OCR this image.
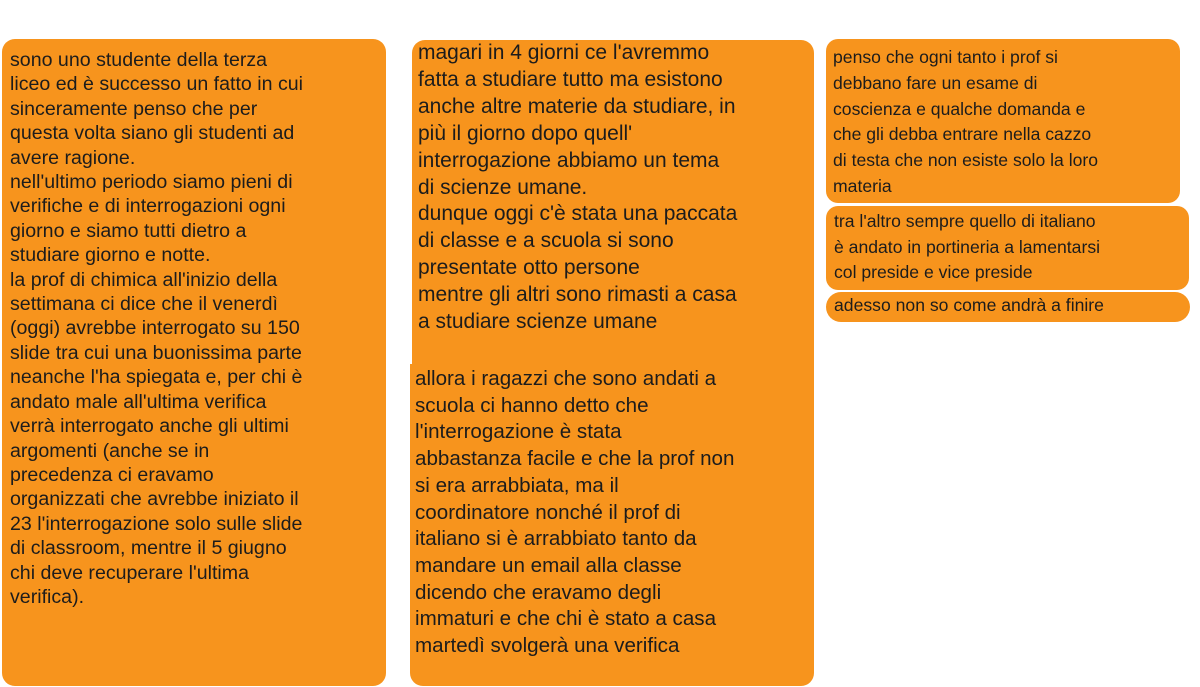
sono uno studente della terza
liceo ed è successo un fatto in cui
sinceramente penso che per
questa volta siano gli studenti ad
avere ragione.
nell'ultimo periodo siamo pieni di
verifiche e di interrogazioni ogni
giorno e siamo tutti dietro a
studiare giorno e notte.
la prof di chimica all'inizio della
settimana ci dice che il venerdì
(oggi) avrebbe interrogato su 150
slide tra cui una buonissima parte
neanche l'ha spiegata e, per chi è
andato male all'ultima verifica
verrà interrogato anche gli ultimi
argomenti (anche se in
precedenza ci eravamo
organizzati che avrebbe iniziato il
23 l'interrogazione solo sulle slide
di classroom, mentre il 5 giugno
chi deve recuperare l'ultima
verifica).
magari in 4 giorni ce l'avremmo
fatta a studiare tutto ma esistono
anche altre materie da studiare, in
più il giorno dopo quell'
interrogazione abbiamo un tema
di scienze umane.
dunque oggi c'è stata una paccata
di classe e a scuola si sono
presentate otto persone
mentre gli altri sono rimasti a casa
a studiare scienze umane
allora i ragazzi che sono andati a
scuola ci hanno detto che
l'interrogazione è stata
abbastanza facile e che la prof non
si era arrabbiata, ma il
coordinatore nonché il prof di
italiano si è arrabbiato tanto da
mandare un email alla classe
dicendo che eravamo degli
immaturi e che chi è stato a casa
martedì svolgerà una verifica
penso che ogni tanto i prof si
debbano fare un esame di
coscienza e qualche domanda e
che gli debba entrare nella cazzo
di testa che non esiste solo la loro
materia
tra l'altro sempre quello di italiano
è andato in portineria a lamentarsi
col preside e vice preside
adesso non so come andrà a finire
